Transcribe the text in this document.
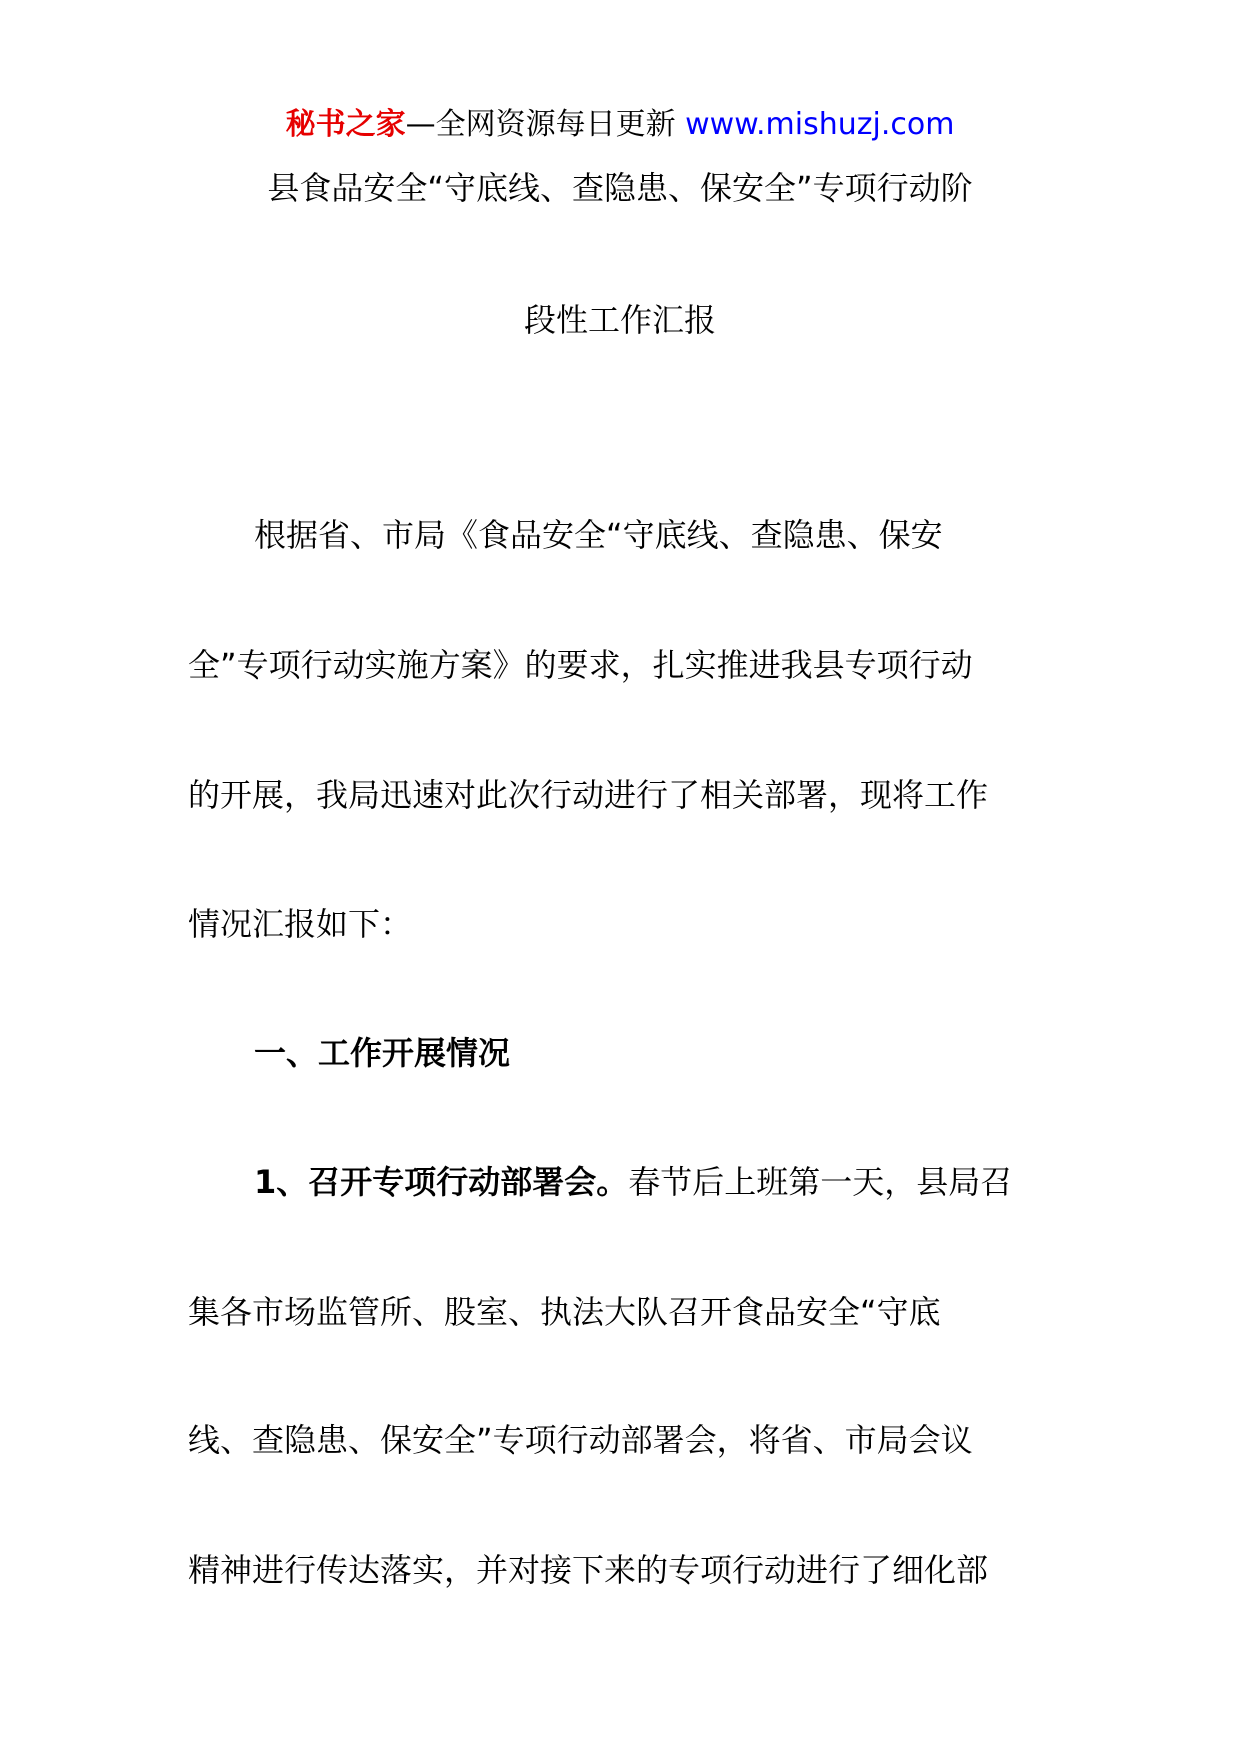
秘书之家—全网资源每日更新 www.mishuzj.com
县食品安全“守底线、查隐患、保安全”专项行动阶
段性工作汇报
根据省、市局《食品安全“守底线、查隐患、保安
全”专项行动实施方案》的要求，扎实推进我县专项行动
的开展，我局迅速对此次行动进行了相关部署，现将工作
情况汇报如下：
一、工作开展情况
1、召开专项行动部署会。春节后上班第一天，县局召
集各市场监管所、股室、执法大队召开食品安全“守底
线、查隐患、保安全”专项行动部署会，将省、市局会议
精神进行传达落实，并对接下来的专项行动进行了细化部
